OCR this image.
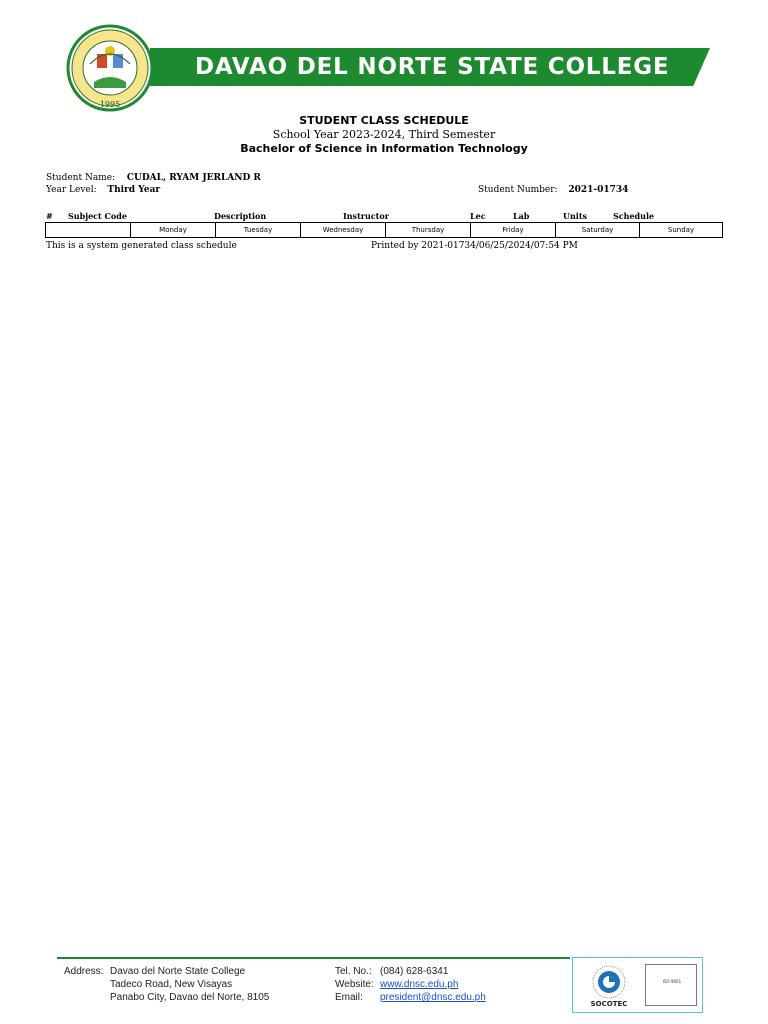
DAVAO DEL NORTE STATE COLLEGE
1995
STUDENT CLASS SCHEDULE
School Year 2023-2024, Third Semester
Bachelor of Science in Information Technology
Student Name: CUDAL, RYAM JERLAND R
Year Level: Third Year	Student Number: 2021-01734
# Subject Code	Description	Instructor	Lec	Lab	Units	Schedule
Monday	Tuesday	Wednesday	Thursday	Friday	Saturday	Sunday
This is a system generated class schedule	Printed by 2021-01734/06/25/2024/07:54 PM
Address: Davao del Norte State College
Tadeco Road, New Visayas
Panabo City, Davao del Norte, 8105
Tel. No.: (084) 628-6341
Website: www.dnsc.edu.ph
Email: president@dnsc.edu.ph
SOCOTEC
ISO 9001
